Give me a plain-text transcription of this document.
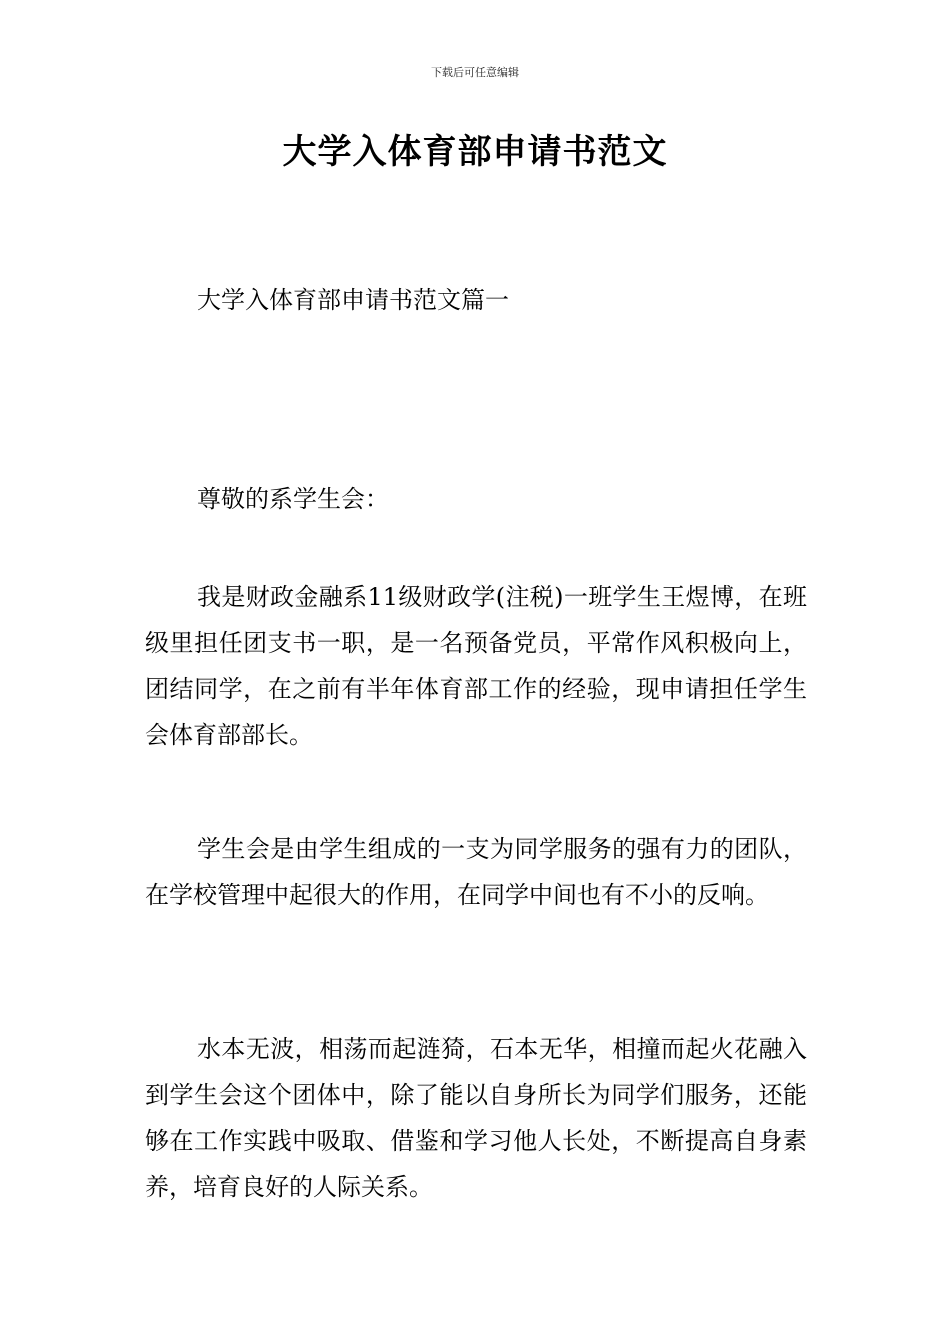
下载后可任意编辑
大学入体育部申请书范文

大学入体育部申请书范文篇一

尊敬的系学生会：

我是财政金融系11级财政学(注税)一班学生王煜博，在班级里担任团支书一职，是一名预备党员，平常作风积极向上，团结同学，在之前有半年体育部工作的经验，现申请担任学生会体育部部长。

学生会是由学生组成的一支为同学服务的强有力的团队，在学校管理中起很大的作用，在同学中间也有不小的反响。

水本无波，相荡而起涟猗，石本无华，相撞而起火花融入到学生会这个团体中，除了能以自身所长为同学们服务，还能够在工作实践中吸取、借鉴和学习他人长处，不断提高自身素养，培育良好的人际关系。
